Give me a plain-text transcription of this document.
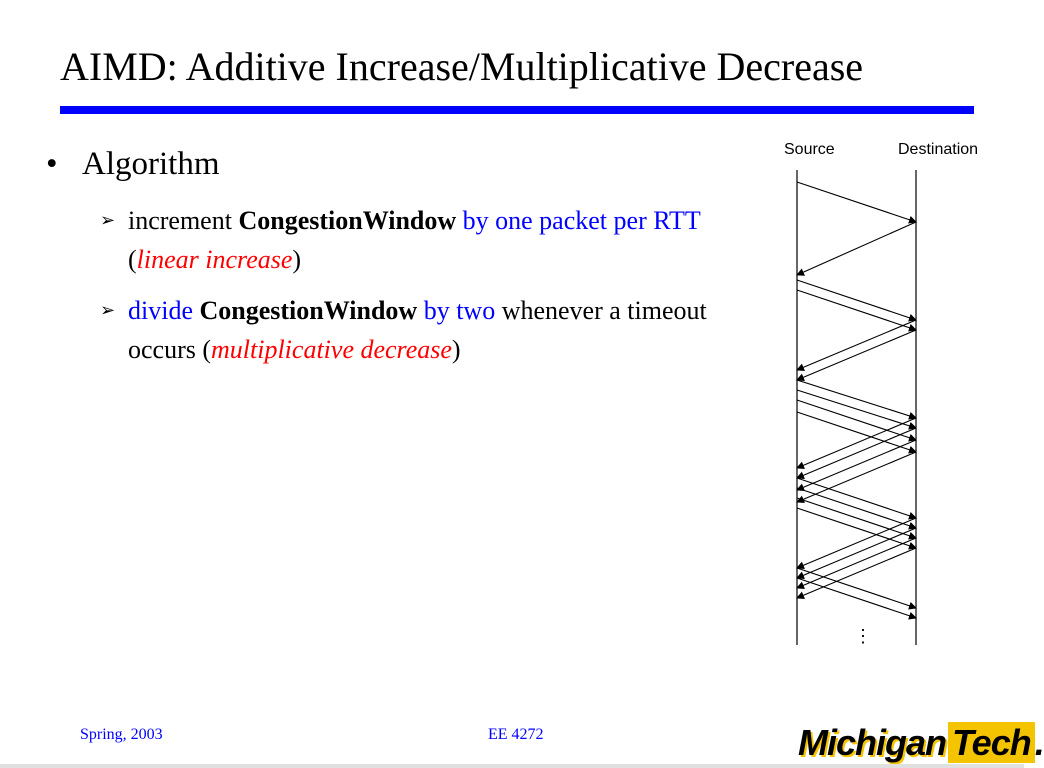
AIMD: Additive Increase/Multiplicative Decrease
• Algorithm
➢ increment CongestionWindow by one packet per RTT (linear increase)
➢ divide CongestionWindow by two whenever a timeout occurs (multiplicative decrease)
Source	Destination
⋮
Spring, 2003	EE 4272	Michigan Tech .
